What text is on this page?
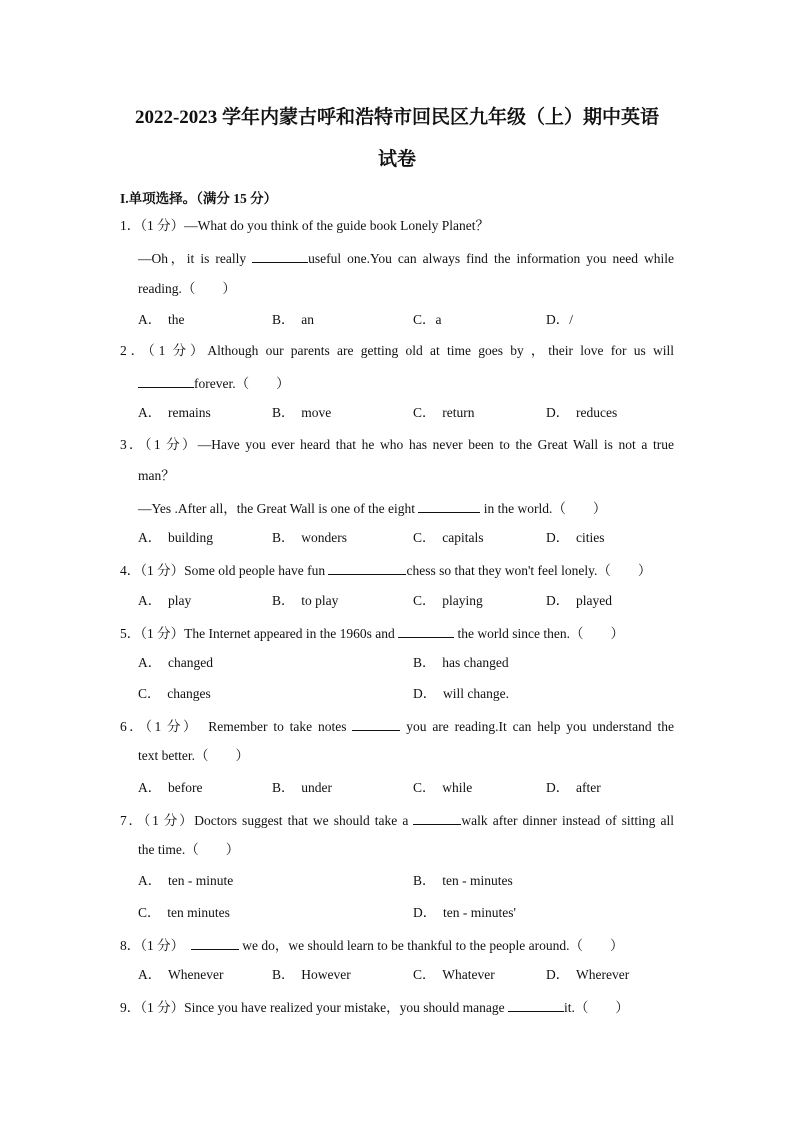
2022-2023 学年内蒙古呼和浩特市回民区九年级（上）期中英语
试卷
I.单项选择。（满分 15 分）
1．（1 分）—What do you think of the guide book Lonely Planet？
—Oh，it is really	useful one.You can always find the information you need while
reading.（　　）
A．　the	B．　an	C．a	D．/
2．（1 分）Although our parents are getting old at time goes by ，their love for us will
forever.（　　）
A．　remains	B．　move	C．　return	D．　reduces
3．（1 分）—Have you ever heard that he who has never been to the Great Wall is not a true
man？
—Yes .After all，the Great Wall is one of the eight	in the world.（　　）
A．　building	B．　wonders	C．　capitals	D．　cities
4．（1 分）Some old people have fun	chess so that they won't feel lonely.（　　）
A．　play	B．　to play	C．　playing	D．　played
5．（1 分）The Internet appeared in the 1960s and	the world since then.（　　）
A．　changed	B．　has changed
C．　changes	D．　will change.
6．（1 分）　Remember to take notes	you are reading.It can help you understand the
text better.（　　）
A．　before	B．　under	C．　while	D．　after
7．（1 分）Doctors suggest that we should take a	walk after dinner instead of sitting all
the time.（　　）
A．　ten - minute	B．　ten - minutes
C．　ten minutes	D．　ten - minutes'
8．（1 分）　	we do，we should learn to be thankful to the people around.（　　）
A．　Whenever	B．　However	C．　Whatever	D．　Wherever
9．（1 分）Since you have realized your mistake，you should manage	it.（　　）
